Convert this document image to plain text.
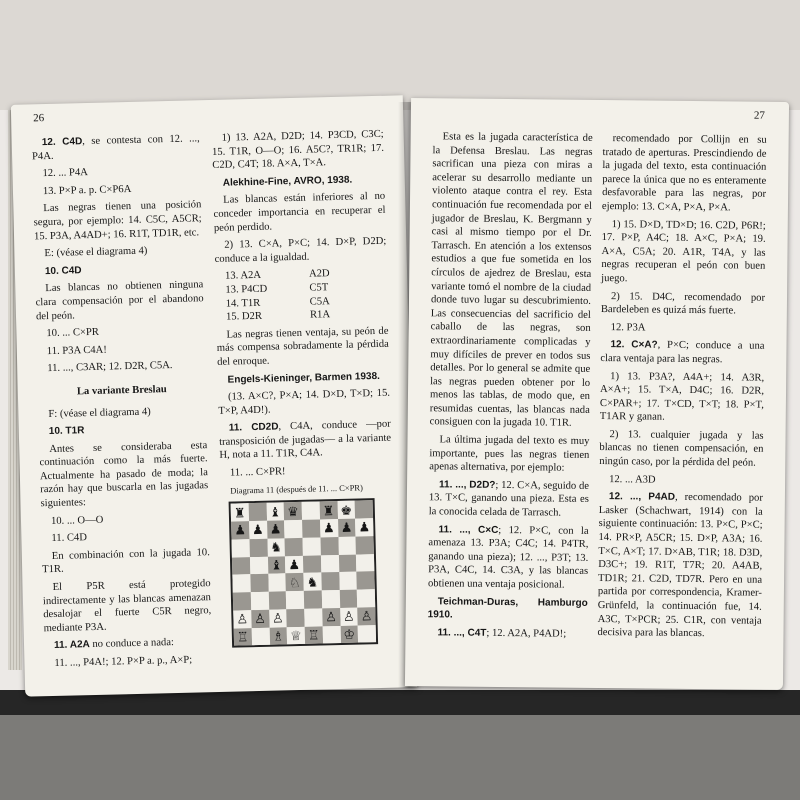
26

12. C4D, se contesta con 12. ..., P4A.

12. ... P4A

13. P×P a. p. C×P6A

Las negras tienen una posición segura, por ejemplo: 14. C5C, A5CR; 15. P3A, A4AD+; 16. R1T, TD1R, etc.

E: (véase el diagrama 4)

10. C4D

Las blancas no obtienen ninguna clara compensación por el abandono del peón.

10. ... C×PR

11. P3A C4A!

11. ..., C3AR; 12. D2R, C5A.

La variante Breslau

F: (véase el diagrama 4)

10. T1R

Antes se consideraba esta continuación como la más fuerte. Actualmente ha pasado de moda; la razón hay que buscarla en las jugadas siguientes:

10. ... O—O

11. C4D

En combinación con la jugada 10. T1R.

El P5R está protegido indirectamente y las blancas amenazan desalojar el fuerte C5R negro, mediante P3A.

11. A2A no conduce a nada:

11. ..., P4A!; 12. P×P a. p., A×P;

1) 13. A2A, D2D; 14. P3CD, C3C; 15. T1R, O—O; 16. A5C?, TR1R; 17. C2D, C4T; 18. A×A, T×A.

Alekhine-Fine, AVRO, 1938.

Las blancas están inferiores al no conceder importancia en recuperar el peón perdido.

2) 13. C×A, P×C; 14. D×P, D2D; conduce a la igualdad.

13. A2A	A2D
13. P4CD	C5T
14. T1R	C5A
15. D2R	R1A

Las negras tienen ventaja, su peón de más compensa sobradamente la pérdida del enroque.

Engels-Kieninger, Barmen 1938.

(13. A×C?, P×A; 14. D×D, T×D; 15. T×P, A4D!).

11. CD2D, C4A, conduce —por transposición de jugadas— a la variante H, nota a 11. T1R, C4A.

11. ... C×PR!

Diagrama 11 (después de 11. ... C×PR)

♜ ♝ ♛ ♜ ♚
♟ ♟ ♟	♟ ♟ ♟
♞
♝ ♟
♘ ♞
♙ ♙ ♙	♙ ♙ ♙
♖ ♗ ♕ ♖ ♔
27

Esta es la jugada característica de la Defensa Breslau. Las negras sacrifican una pieza con miras a acelerar su desarrollo mediante un violento ataque contra el rey. Esta continuación fue recomendada por el jugador de Breslau, K. Bergmann y casi al mismo tiempo por el Dr. Tarrasch. En atención a los extensos estudios a que fue sometida en los círculos de ajedrez de Breslau, esta variante tomó el nombre de la ciudad donde tuvo lugar su descubrimiento. Las consecuencias del sacrificio del caballo de las negras, son extraordinariamente complicadas y muy difíciles de prever en todos sus detalles. Por lo general se admite que las negras pueden obtener por lo menos las tablas, de modo que, en resumidas cuentas, las blancas nada consiguen con la jugada 10. T1R.

La última jugada del texto es muy importante, pues las negras tienen apenas alternativa, por ejemplo:

11. ..., D2D?; 12. C×A, seguido de 13. T×C, ganando una pieza. Esta es la conocida celada de Tarrasch.

11. ..., C×C; 12. P×C, con la amenaza 13. P3A; C4C; 14. P4TR, ganando una pieza); 12. ..., P3T; 13. P3A, C4C, 14. C3A, y las blancas obtienen una ventaja posicional.

Teichman-Duras, Hamburgo 1910.

11. ..., C4T; 12. A2A, P4AD!;

recomendado por Collijn en su tratado de aperturas. Prescindiendo de la jugada del texto, esta continuación parece la única que no es enteramente desfavorable para las negras, por ejemplo: 13. C×A, P×A, P×A.

1) 15. D×D, TD×D; 16. C2D, P6R!; 17. P×P, A4C; 18. A×C, P×A; 19. A×A, C5A; 20. A1R, T4A, y las negras recuperan el peón con buen juego.

2) 15. D4C, recomendado por Bardeleben es quizá más fuerte.

12. P3A

12. C×A?, P×C; conduce a una clara ventaja para las negras.

1) 13. P3A?, A4A+; 14. A3R, A×A+; 15. T×A, D4C; 16. D2R, C×PAR+; 17. T×CD, T×T; 18. P×T, T1AR y ganan.

2) 13. cualquier jugada y las blancas no tienen compensación, en ningún caso, por la pérdida del peón.

12. ... A3D

12. ..., P4AD, recomendado por Lasker (Schachwart, 1914) con la siguiente continuación: 13. P×C, P×C; 14. PR×P, A5CR; 15. D×P, A3A; 16. T×C, A×T; 17. D×AB, T1R; 18. D3D, D3C+; 19. R1T, T7R; 20. A4AB, TD1R; 21. C2D, TD7R. Pero en una partida por correspondencia, Kramer-Grünfeld, la continuación fue, 14. A3C, T×PCR; 25. C1R, con ventaja decisiva para las blancas.
